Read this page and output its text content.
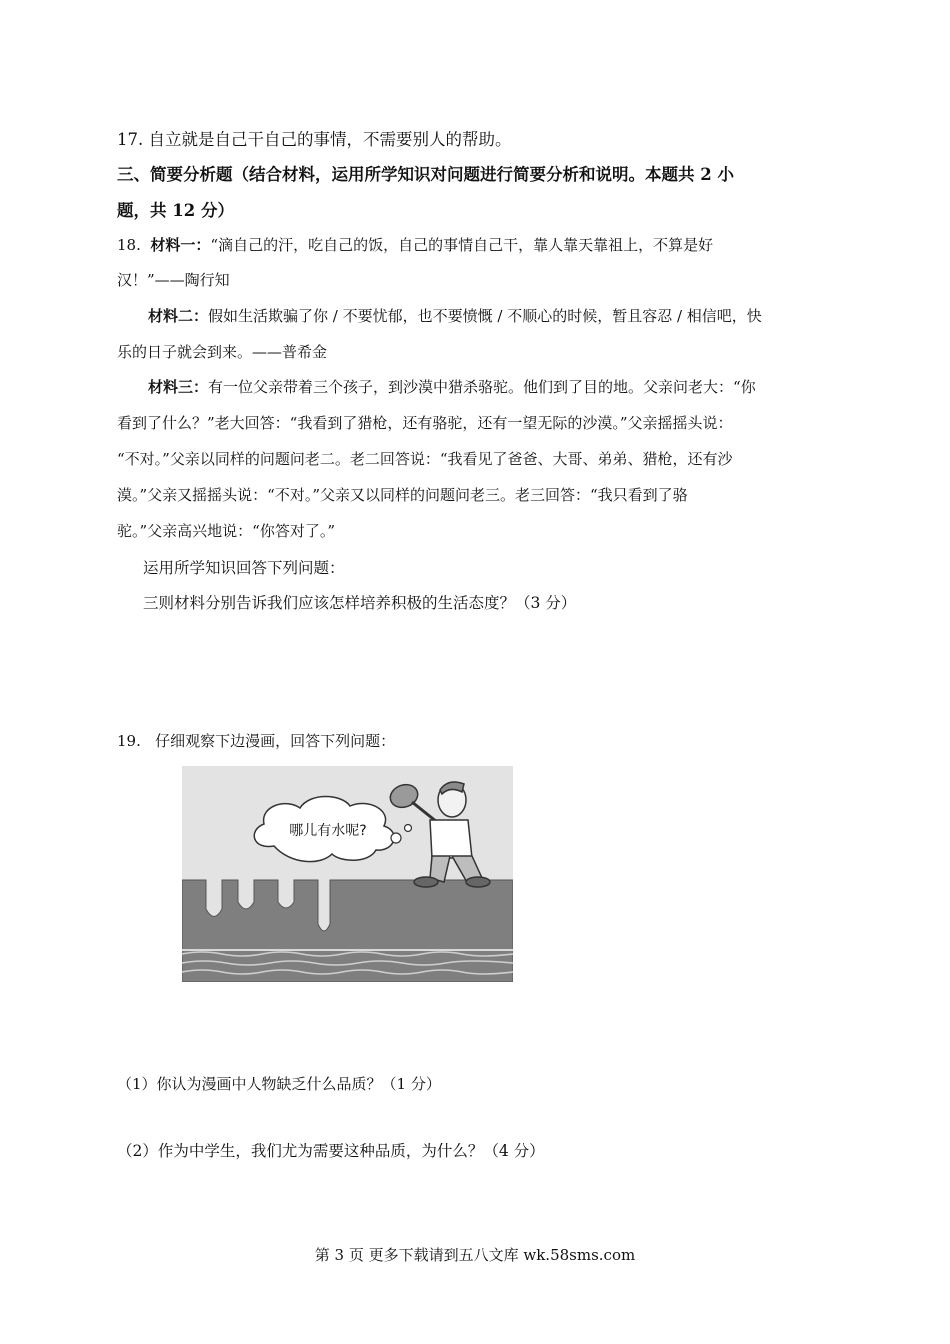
17. 自立就是自己干自己的事情，不需要别人的帮助。
三、简要分析题（结合材料，运用所学知识对问题进行简要分析和说明。本题共 2 小
题，共 12 分）
18. 材料一：“滴自己的汗，吃自己的饭，自己的事情自己干，靠人靠天靠祖上，不算是好
汉！”——陶行知
材料二：假如生活欺骗了你 / 不要忧郁，也不要愤慨 / 不顺心的时候，暂且容忍 / 相信吧，快
乐的日子就会到来。——普希金
材料三：有一位父亲带着三个孩子，到沙漠中猎杀骆驼。他们到了目的地。父亲问老大：“你
看到了什么？”老大回答：“我看到了猎枪，还有骆驼，还有一望无际的沙漠。”父亲摇摇头说：
“不对。”父亲以同样的问题问老二。老二回答说：“我看见了爸爸、大哥、弟弟、猎枪，还有沙
漠。”父亲又摇摇头说：“不对。”父亲又以同样的问题问老三。老三回答：“我只看到了骆
驼。”父亲高兴地说：“你答对了。”
运用所学知识回答下列问题：
三则材料分别告诉我们应该怎样培养积极的生活态度？（3 分）
19. 仔细观察下边漫画，回答下列问题：
哪儿有水呢?
（1）你认为漫画中人物缺乏什么品质？（1 分）
（2）作为中学生，我们尤为需要这种品质，为什么？（4 分）
第 3 页 更多下载请到五八文库 wk.58sms.com
